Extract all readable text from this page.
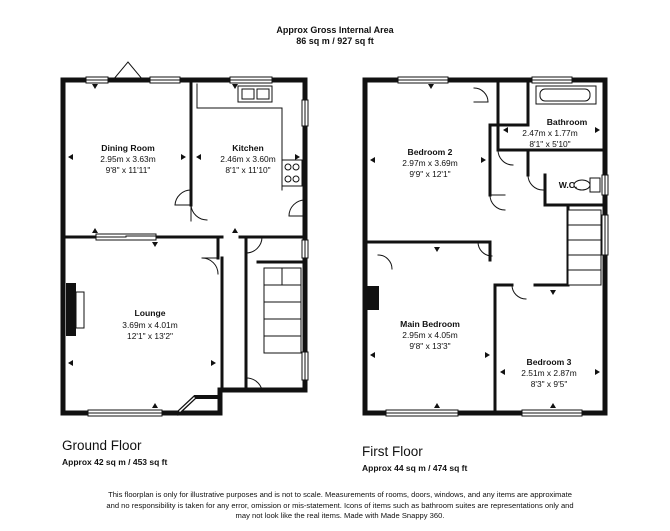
Approx Gross Internal Area
86 sq m / 927 sq ft
Dining Room
2.95m x 3.63m
9'8" x 11'11"
Kitchen
2.46m x 3.60m
8'1" x 11'10"
Lounge
3.69m x 4.01m
12'1" x 13'2"
Bedroom 2
2.97m x 3.69m
9'9" x 12'1"
Bathroom
2.47m x 1.77m
8'1" x 5'10"
W.C.
Main Bedroom
2.95m x 4.05m
9'8" x 13'3"
Bedroom 3
2.51m x 2.87m
8'3" x 9'5"
Ground Floor
Approx 42 sq m / 453 sq ft
First Floor
Approx 44 sq m / 474 sq ft
This floorplan is only for illustrative purposes and is not to scale. Measurements of rooms, doors, windows, and any items are approximate
and no responsibility is taken for any error, omission or mis-statement. Icons of items such as bathroom suites are representations only and
may not look like the real items. Made with Made Snappy 360.
